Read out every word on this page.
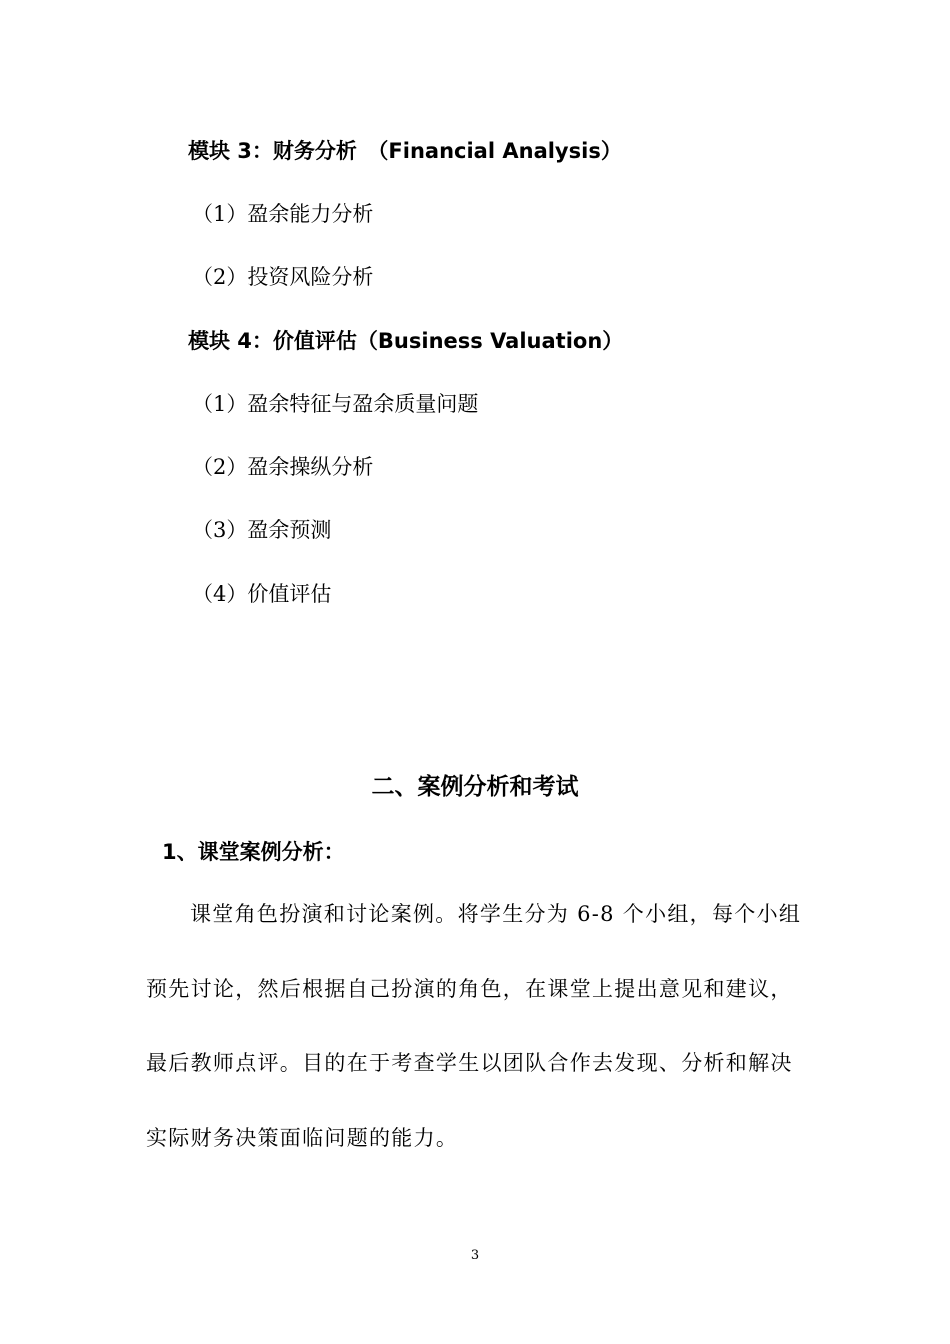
模块 3：财务分析　（Financial Analysis）
（1）盈余能力分析
（2）投资风险分析
模块 4：价值评估（Business Valuation）
（1）盈余特征与盈余质量问题
（2）盈余操纵分析
（3）盈余预测
（4）价值评估
二、案例分析和考试
1、课堂案例分析：
课堂角色扮演和讨论案例。将学生分为 6-8 个小组，每个小组
预先讨论，然后根据自己扮演的角色，在课堂上提出意见和建议，
最后教师点评。目的在于考查学生以团队合作去发现、分析和解决
实际财务决策面临问题的能力。
3
